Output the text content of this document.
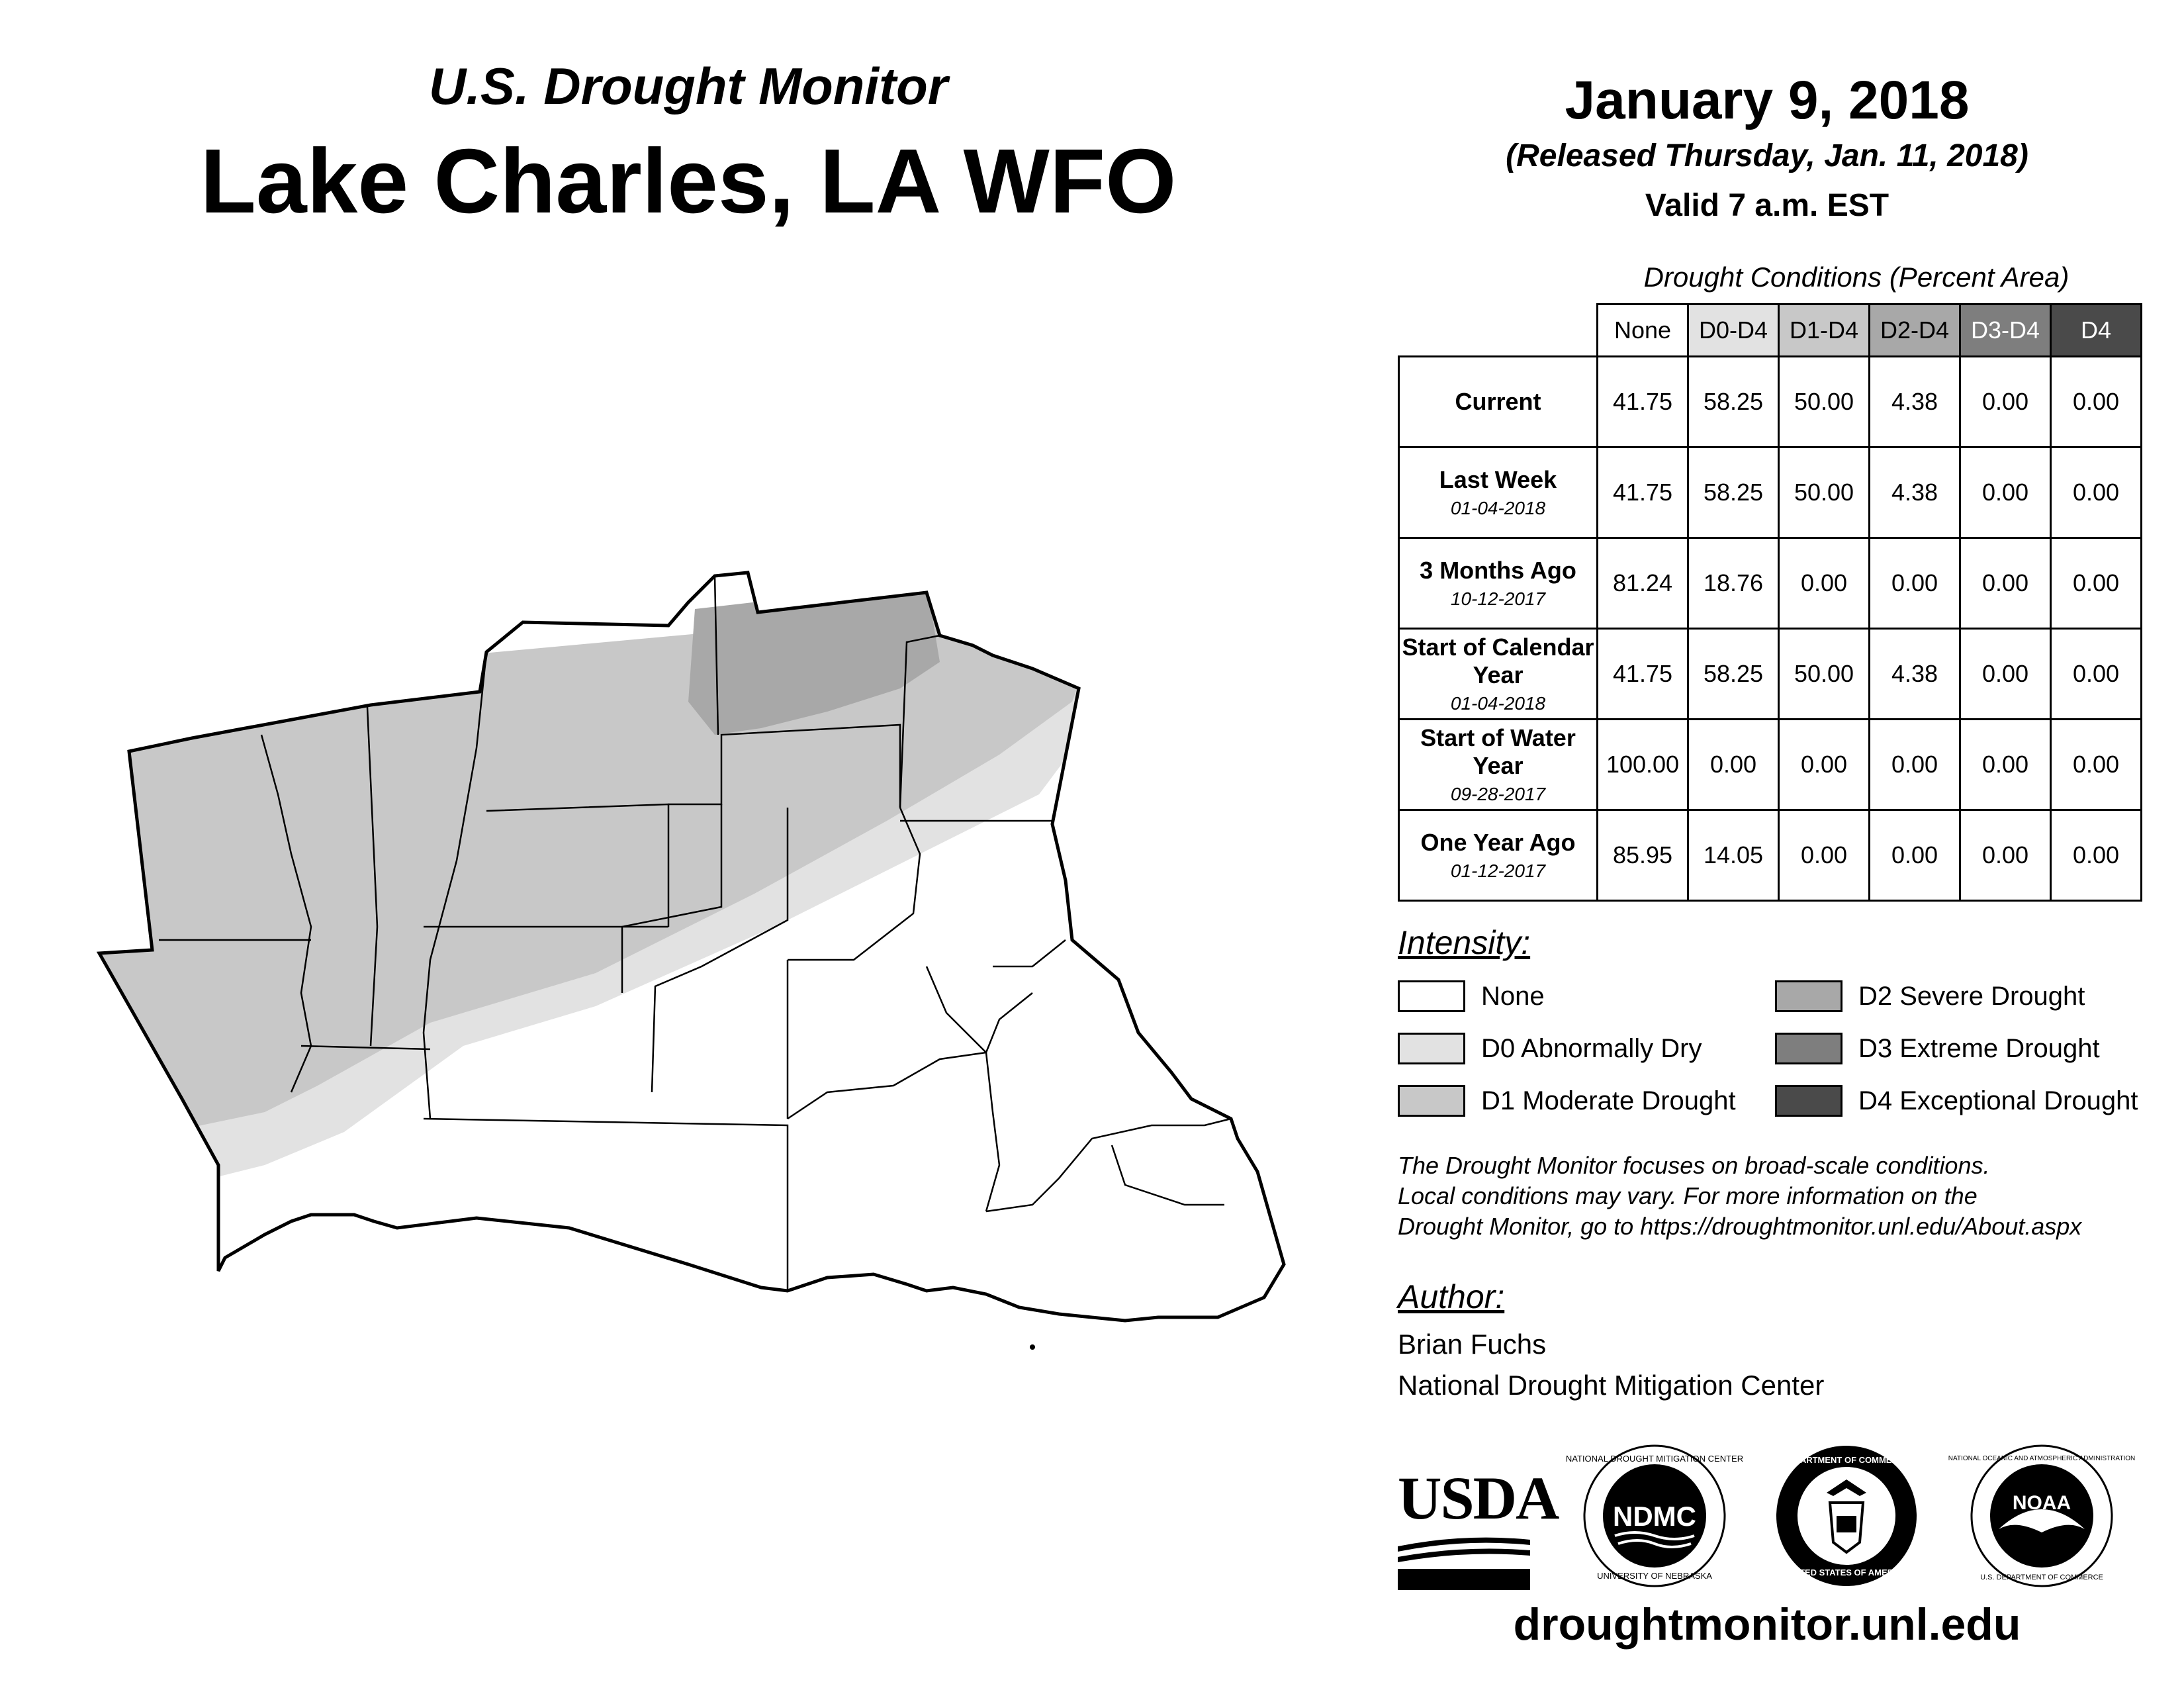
U.S. Drought Monitor
Lake Charles, LA WFO
January 9, 2018
(Released Thursday, Jan. 11, 2018)
Valid 7 a.m. EST
Drought Conditions (Percent Area)
	None	D0-D4	D1-D4	D2-D4	D3-D4	D4
Current	41.75	58.25	50.00	4.38	0.00	0.00
Last Week
01-04-2018	41.75	58.25	50.00	4.38	0.00	0.00
3 Months Ago
10-12-2017	81.24	18.76	0.00	0.00	0.00	0.00
Start of Calendar Year
01-04-2018	41.75	58.25	50.00	4.38	0.00	0.00
Start of Water Year
09-28-2017	100.00	0.00	0.00	0.00	0.00	0.00
One Year Ago
01-12-2017	85.95	14.05	0.00	0.00	0.00	0.00
Intensity:
None
D0 Abnormally Dry
D1 Moderate Drought
D2 Severe Drought
D3 Extreme Drought
D4 Exceptional Drought
The Drought Monitor focuses on broad-scale conditions.
Local conditions may vary. For more information on the
Drought Monitor, go to https://droughtmonitor.unl.edu/About.aspx
Author:
Brian Fuchs
National Drought Mitigation Center
USDA NDMC
NATIONAL DROUGHT MITIGATION CENTER
UNIVERSITY OF NEBRASKA
DEPARTMENT OF COMMERCE
UNITED STATES OF AMERICA
NOAA
NATIONAL OCEANIC AND ATMOSPHERIC ADMINISTRATION
U.S. DEPARTMENT OF COMMERCE
droughtmonitor.unl.edu
